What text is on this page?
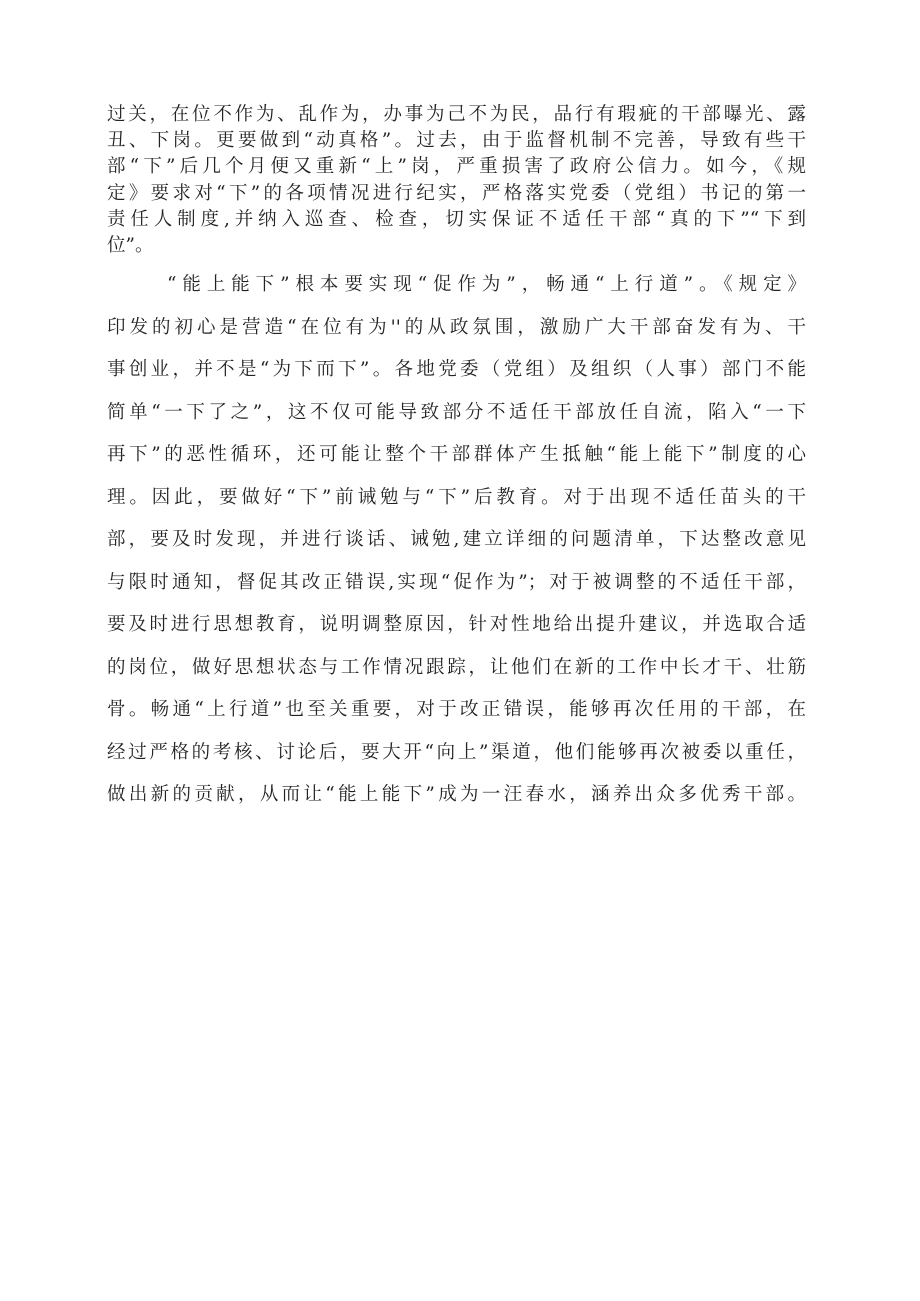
过关，在位不作为、乱作为，办事为己不为民，品行有瑕疵的干部曝光、露
丑、下岗。更要做到“动真格”。过去，由于监督机制不完善，导致有些干
部“下”后几个月便又重新“上”岗，严重损害了政府公信力。如今，《规
定》要求对“下”的各项情况进行纪实，严格落实党委（党组）书记的第一
责任人制度,并纳入巡查、检查，切实保证不适任干部“真的下”“下到
位”。
“能上能下”根本要实现“促作为”，畅通“上行道”。《规定》
印发的初心是营造“在位有为''的从政氛围，激励广大干部奋发有为、干
事创业，并不是“为下而下”。各地党委（党组）及组织（人事）部门不能
简单“一下了之”，这不仅可能导致部分不适任干部放任自流，陷入“一下
再下”的恶性循环，还可能让整个干部群体产生抵触“能上能下”制度的心
理。因此，要做好“下”前诫勉与“下”后教育。对于出现不适任苗头的干
部，要及时发现，并进行谈话、诫勉,建立详细的问题清单，下达整改意见
与限时通知，督促其改正错误,实现“促作为”；对于被调整的不适任干部，
要及时进行思想教育，说明调整原因，针对性地给出提升建议，并选取合适
的岗位，做好思想状态与工作情况跟踪，让他们在新的工作中长才干、壮筋
骨。畅通“上行道”也至关重要，对于改正错误，能够再次任用的干部，在
经过严格的考核、讨论后，要大开“向上”渠道，他们能够再次被委以重任，
做出新的贡献，从而让“能上能下”成为一汪春水，涵养出众多优秀干部。
